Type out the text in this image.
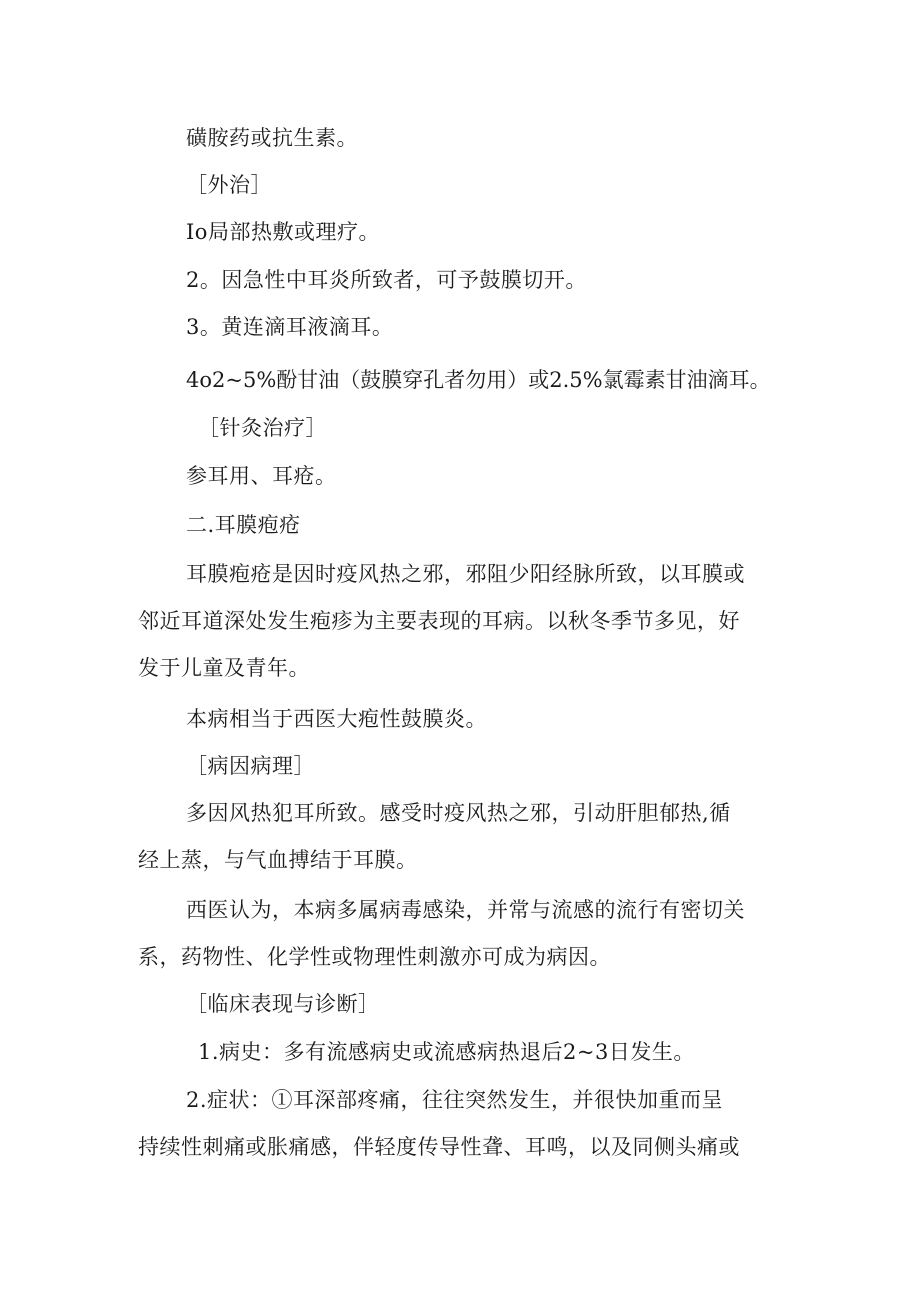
磺胺药或抗生素。
［外治］
Io局部热敷或理疗。
2。因急性中耳炎所致者，可予鼓膜切开。
3。黄连滴耳液滴耳。
4o2~5%酚甘油（鼓膜穿孔者勿用）或2.5%氯霉素甘油滴耳。
［针灸治疗］
参耳用、耳疮。
二.耳膜疱疮
耳膜疱疮是因时疫风热之邪，邪阻少阳经脉所致，以耳膜或
邻近耳道深处发生疱疹为主要表现的耳病。以秋冬季节多见，好
发于儿童及青年。
本病相当于西医大疱性鼓膜炎。
［病因病理］
多因风热犯耳所致。感受时疫风热之邪，引动肝胆郁热,循
经上蒸，与气血搏结于耳膜。
西医认为，本病多属病毒感染，并常与流感的流行有密切关
系，药物性、化学性或物理性刺激亦可成为病因。
［临床表现与诊断］
1.病史：多有流感病史或流感病热退后2~3日发生。
2.症状：①耳深部疼痛，往往突然发生，并很快加重而呈
持续性刺痛或胀痛感，伴轻度传导性聋、耳鸣，以及同侧头痛或
